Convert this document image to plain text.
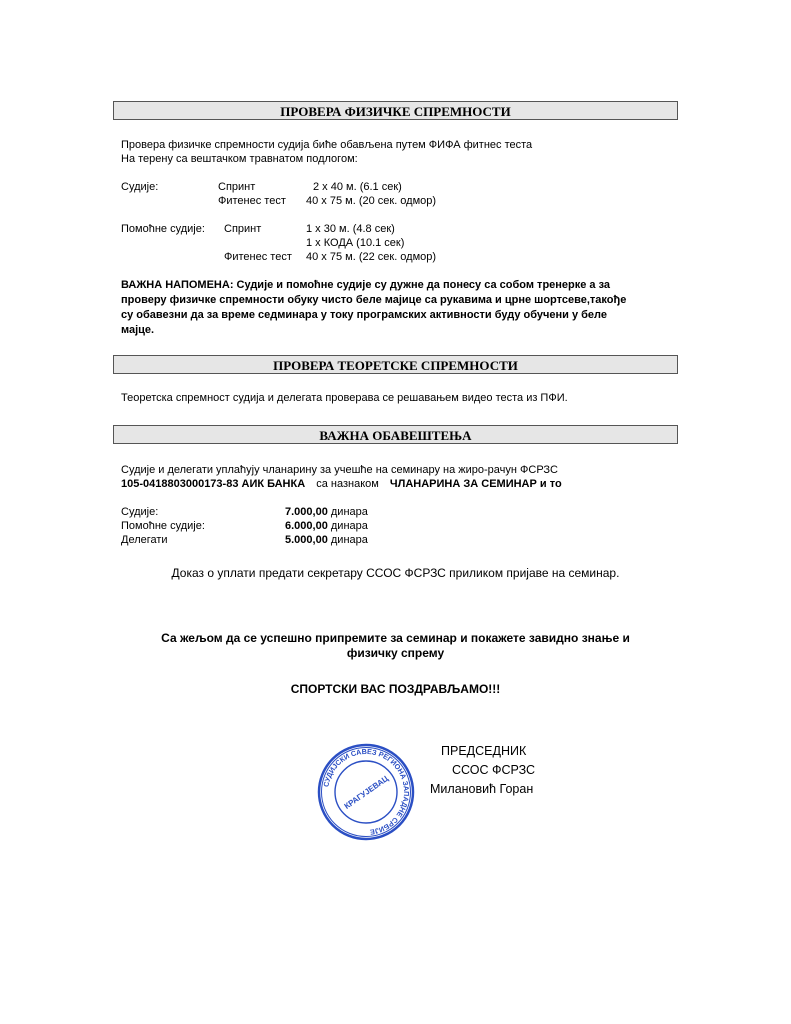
ПРОВЕРА ФИЗИЧКЕ СПРЕМНОСТИ
Провера физичке спремности судија биће обављена путем ФИФА фитнес теста
На терену са вештачком травнатом подлогом:
Судије:	Спринт	2 х 40 м. (6.1 сек)
Фитенес тест 40 х 75 м. (20 сек. одмор)
Помоћне судије: Спринт	1 х 30 м. (4.8 сек)
1 х КОДА (10.1 сек)
Фитенес тест 40 х 75 м. (22 сек. одмор)
ВАЖНА НАПОМЕНА: Судије и помоћне судије су дужне да понесу са собом тренерке а за
проверу физичке спремности обуку чисто беле мајице са рукавима и црне шортсеве,такође
су обавезни да за време седминара у току програмских активности буду обучени у беле
мајце.
ПРОВЕРА ТЕОРЕТСКЕ СПРЕМНОСТИ
Теоретска спремност судија и делегата проверава се решавањем видео теста из ПФИ.
ВАЖНА ОБАВЕШТЕЊА
Судије и делегати уплаћују чланарину за учешће на семинару на жиро-рачун ФСРЗС
105-0418803000173-83 АИК БАНКА са назнаком ЧЛАНАРИНА ЗА СЕМИНАР и то
Судије:	7.000,00 динара
Помоћне судије:	6.000,00 динара
Делегати	5.000,00 динара
Доказ о уплати предати секретару ССОС ФСРЗС приликом пријаве на семинар.
Са жељом да се успешно припремите за семинар и покажете завидно знање и
физичку спрему
СПОРТСКИ ВАС ПОЗДРАВЉАМО!!!
СУДИЈСКИ САВЕЗ РЕГИОНА ЗАПАДНЕ СРБИЈЕ
КРАГУЈЕВАЦ
ПРЕДСЕДНИК
ССОС ФСРЗС
Милановић Горан
